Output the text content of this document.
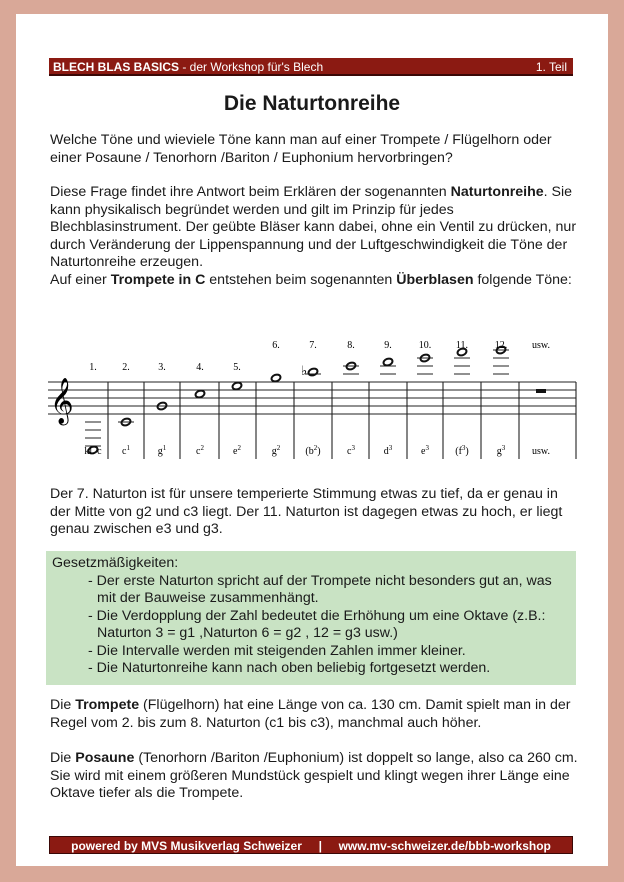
BLECH BLAS BASICS - der Workshop für's Blech	1. Teil
Die Naturtonreihe

Welche Töne und wieviele Töne kann man auf einer Trompete / Flügelhorn oder einer Posaune / Tenorhorn /Bariton / Euphonium hervorbringen?

Diese Frage findet ihre Antwort beim Erklären der sogenannten Naturtonreihe. Sie kann physikalisch begründet werden und gilt im Prinzip für jedes Blechblasinstrument. Der geübte Bläser kann dabei, ohne ein Ventil zu drücken, nur durch Veränderung der Lippenspannung und der Luftgeschwindigkeit die Töne der Naturtonreihe erzeugen.
Auf einer Trompete in C entstehen beim sogenannten Überblasen folgende Töne:

𝄞
1.
kl. c
2.
$c^1$
3.
$g^1$
4.
$c^2$
5.
$e^2$
6.
$g^2$
♭
7.
$(b^2)$
8.
$c^3$
9.
$d^3$
10.
$e^3$
11.
$(f^3)$
12.
$g^3$
usw.
usw.

Der 7. Naturton ist für unsere temperierte Stimmung etwas zu tief, da er genau in der Mitte von g2 und c3 liegt. Der 11. Naturton ist dagegen etwas zu hoch, er liegt genau zwischen e3 und g3.

Gesetzmäßigkeiten:
- Der erste Naturton spricht auf der Trompete nicht besonders gut an, was mit der Bauweise zusammenhängt.
- Die Verdopplung der Zahl bedeutet die Erhöhung um eine Oktave (z.B.: Naturton 3 = g1 ,Naturton 6 = g2 , 12 = g3 usw.)
- Die Intervalle werden mit steigenden Zahlen immer kleiner.
- Die Naturtonreihe kann nach oben beliebig fortgesetzt werden.

Die Trompete (Flügelhorn) hat eine Länge von ca. 130 cm. Damit spielt man in der Regel vom 2. bis zum 8. Naturton (c1 bis c3), manchmal auch höher.

Die Posaune (Tenorhorn /Bariton /Euphonium) ist doppelt so lange, also ca 260 cm. Sie wird mit einem größeren Mundstück gespielt und klingt wegen ihrer Länge eine Oktave tiefer als die Trompete.

powered by MVS Musikverlag Schweizer | www.mv-schweizer.de/bbb-workshop
